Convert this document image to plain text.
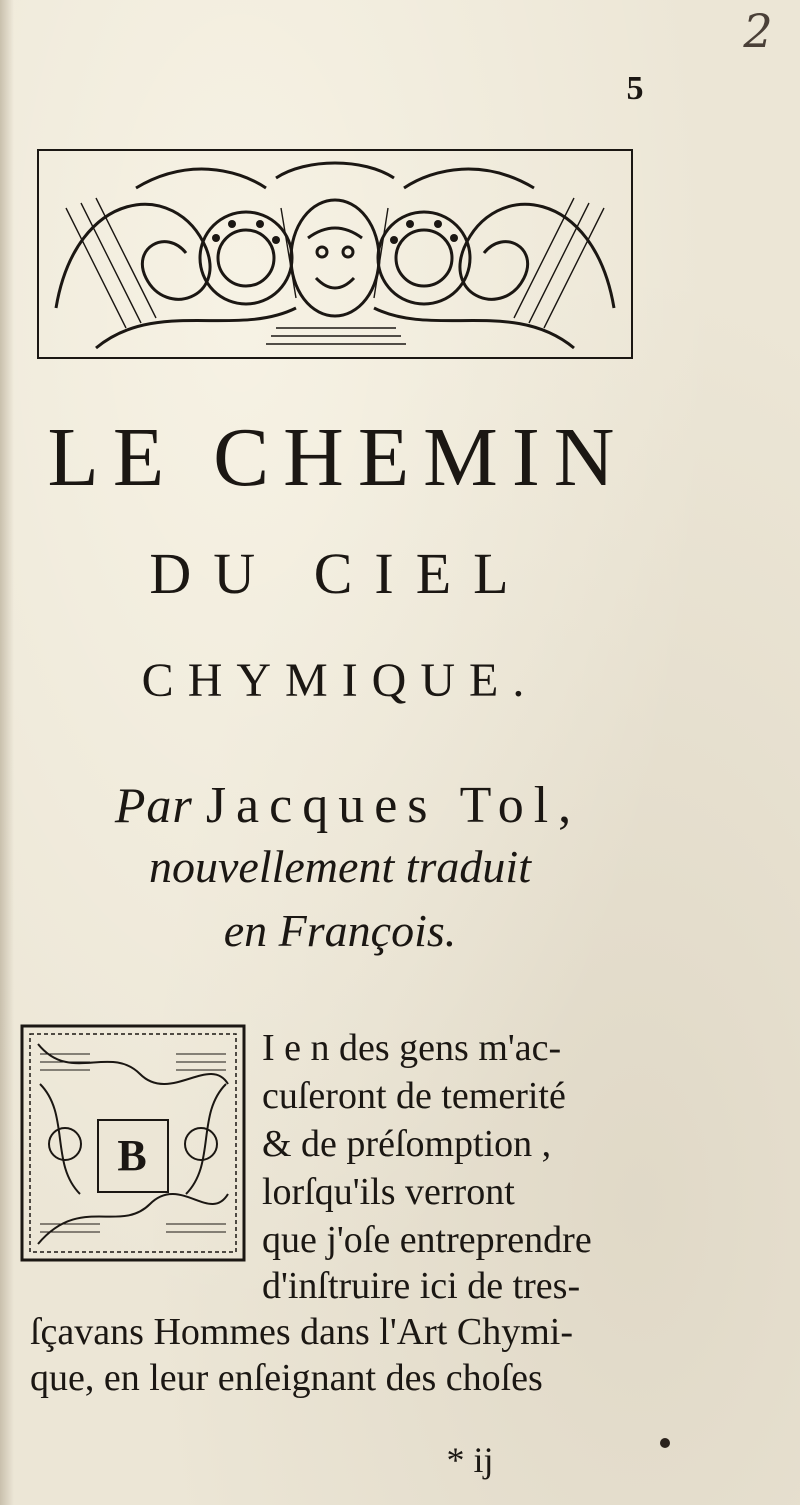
2
5
LE CHEMIN
DU CIEL
CHYMIQUE.
Par Jacques Tol,
nouvellement traduit
en François.
B
I e n des gens m'ac-
cuſeront de temerité
& de préſomption ,
lorſqu'ils verront
que j'oſe entreprendre
d'inſtruire ici de tres-
ſçavans Hommes dans l'Art Chymi-
que, en leur enſeignant des choſes
* ij
